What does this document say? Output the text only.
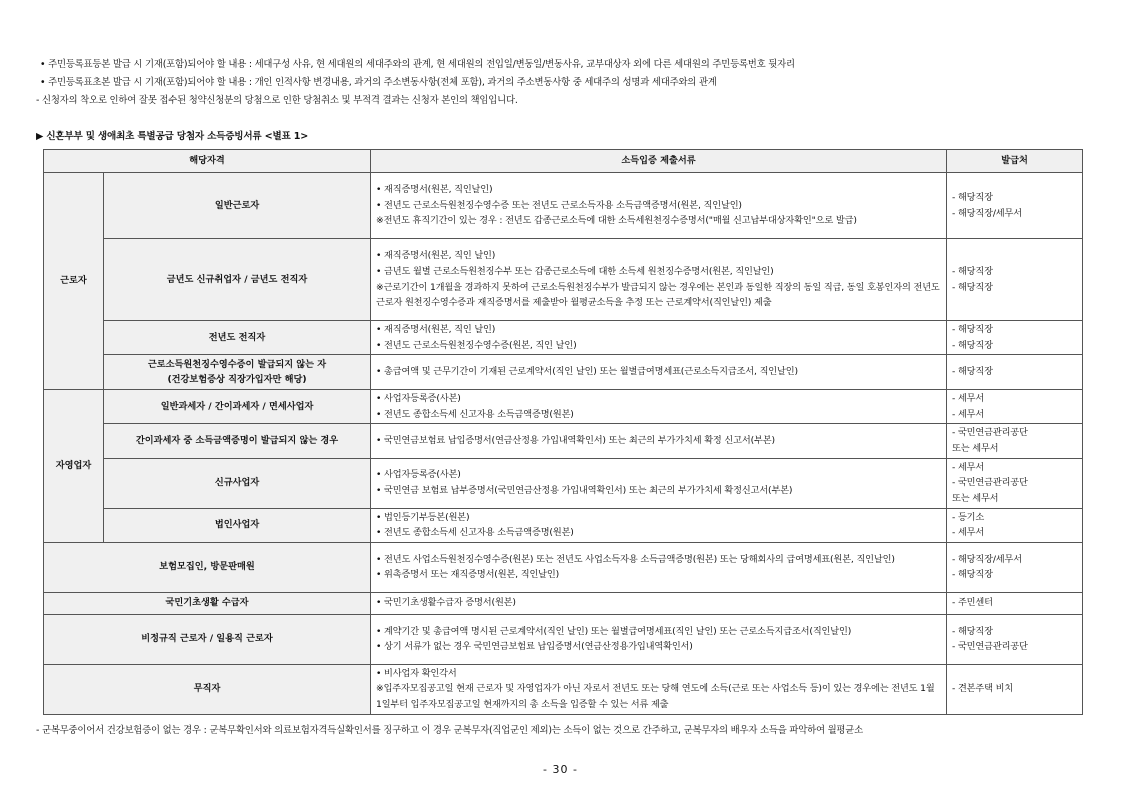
• 주민등록표등본 발급 시 기재(포함)되어야 할 내용 : 세대구성 사유, 현 세대원의 세대주와의 관계, 현 세대원의 전입일/변동일/변동사유, 교부대상자 외에 다른 세대원의 주민등록번호 뒷자리
• 주민등록표초본 발급 시 기재(포함)되어야 할 내용 : 개인 인적사항 변경내용, 과거의 주소변동사항(전체 포함), 과거의 주소변동사항 중 세대주의 성명과 세대주와의 관계
- 신청자의 착오로 인하여 잘못 접수된 청약신청분의 당첨으로 인한 당첨취소 및 부적격 결과는 신청자 본인의 책임입니다.
▶ 신혼부부 및 생애최초 특별공급 당첨자 소득증빙서류 <별표 1>
해당자격		소득입증 제출서류	발급처
근로자	일반근로자	• 재직증명서(원본, 직인날인)
• 전년도 근로소득원천징수영수증 또는 전년도 근로소득자용 소득금액증명서(원본, 직인날인)
※전년도 휴직기간이 있는 경우 : 전년도 갑종근로소득에 대한 소득세원천징수증명서("매월 신고납부대상자확인"으로 발급)	- 해당직장
- 해당직장/세무서

	금년도 신규취업자 / 금년도 전직자	• 재직증명서(원본, 직인 날인)
• 금년도 월별 근로소득원천징수부 또는 갑종근로소득에 대한 소득세 원천징수증명서(원본, 직인날인)
※근로기간이 1개월을 경과하지 못하여 근로소득원천징수부가 발급되지 않는 경우에는 본인과 동일한 직장의 동일 직급, 동일 호봉인자의 전년도 근로자 원천징수영수증과 재직증명서를 제출받아 월평균소득을 추정 또는 근로계약서(직인날인) 제출	- 해당직장
- 해당직장

	전년도 전직자	• 재직증명서(원본, 직인 날인)
• 전년도 근로소득원천징수영수증(원본, 직인 날인)	- 해당직장
- 해당직장

	근로소득원천징수영수증이 발급되지 않는 자
(건강보험증상 직장가입자만 해당)	• 총급여액 및 근무기간이 기재된 근로계약서(직인 날인) 또는 월별급여명세표(근로소득지급조서, 직인날인)	- 해당직장

자영업자	일반과세자 / 간이과세자 / 면세사업자	• 사업자등록증(사본)
• 전년도 종합소득세 신고자용 소득금액증명(원본)	- 세무서
- 세무서

	간이과세자 중 소득금액증명이 발급되지 않는 경우	• 국민연금보험료 납입증명서(연금산정용 가입내역확인서) 또는 최근의 부가가치세 확정 신고서(부본)	- 국민연금관리공단
또는 세무서

	신규사업자	• 사업자등록증(사본)
• 국민연금 보험료 납부증명서(국민연금산정용 가입내역확인서) 또는 최근의 부가가치세 확정신고서(부본)	- 세무서
- 국민연금관리공단
또는 세무서

	법인사업자	• 법인등기부등본(원본)
• 전년도 종합소득세 신고자용 소득금액증명(원본)	- 등기소
- 세무서

보험모집인, 방문판매원		• 전년도 사업소득원천징수영수증(원본) 또는 전년도 사업소득자용 소득금액증명(원본) 또는 당해회사의 급여명세표(원본, 직인날인)
• 위촉증명서 또는 재직증명서(원본, 직인날인)	- 해당직장/세무서
- 해당직장

국민기초생활 수급자		• 국민기초생활수급자 증명서(원본)	- 주민센터

비정규직 근로자 / 일용직 근로자		• 계약기간 및 총급여액 명시된 근로계약서(직인 날인) 또는 월별급여명세표(직인 날인) 또는 근로소득지급조서(직인날인)
• 상기 서류가 없는 경우 국민연금보험료 납입증명서(연금산정용가입내역확인서)	- 해당직장
- 국민연금관리공단

무직자		• 비사업자 확인각서
※입주자모집공고일 현재 근로자 및 자영업자가 아닌 자로서 전년도 또는 당해 연도에 소득(근로 또는 사업소득 등)이 있는 경우에는 전년도 1월 1일부터 입주자모집공고일 현재까지의 총 소득을 입증할 수 있는 서류 제출	- 견본주택 비치
- 군복무중이어서 건강보험증이 없는 경우 : 군복무확인서와 의료보험자격득실확인서를 징구하고 이 경우 군복무자(직업군인 제외)는 소득이 없는 것으로 간주하고, 군복무자의 배우자 소득을 파악하여 월평균소
- 30 -
